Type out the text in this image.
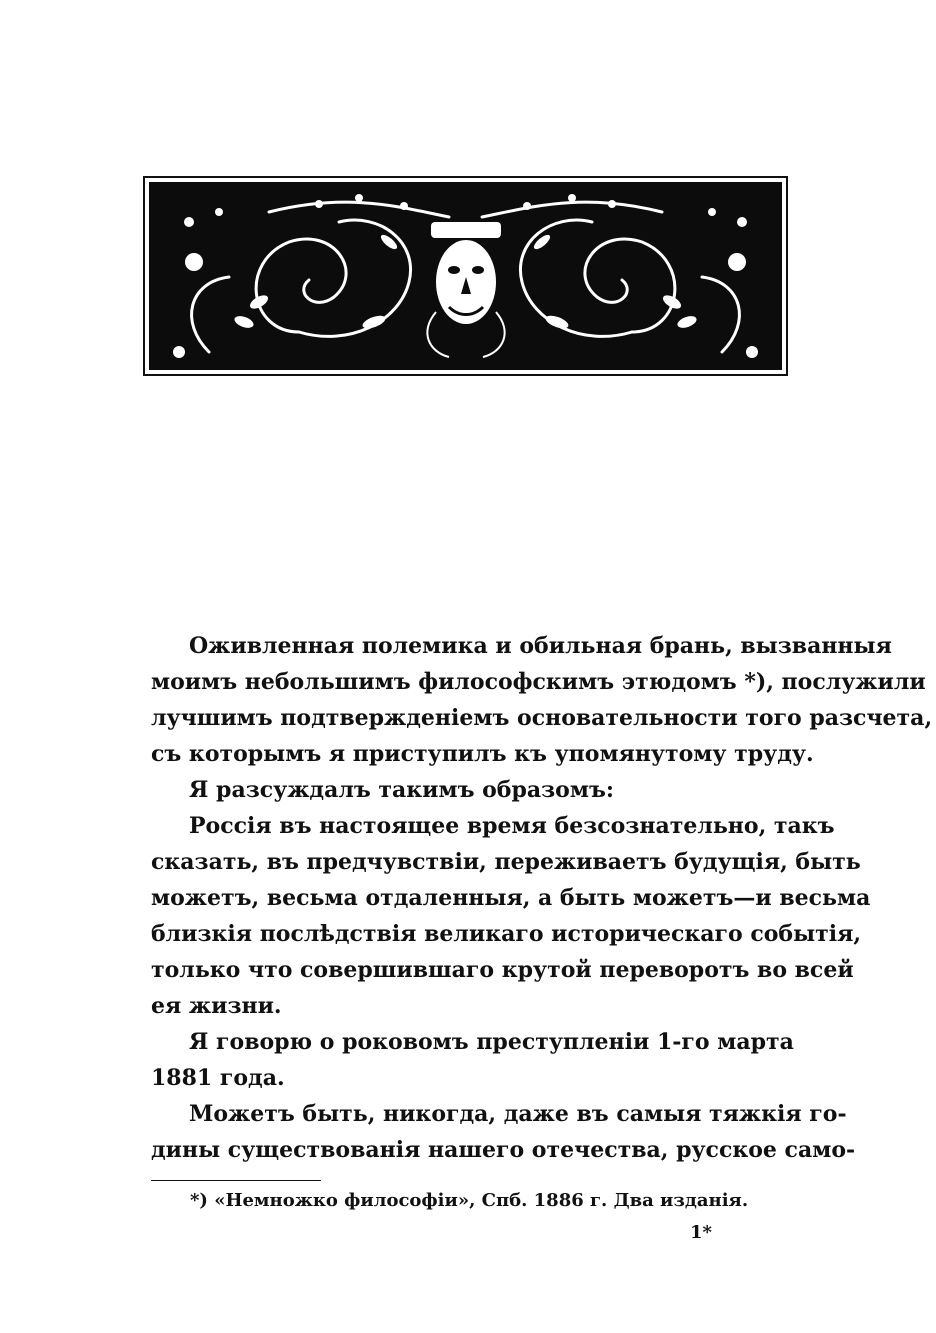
Оживленная полемика и обильная брань, вызванныя
моимъ небольшимъ философскимъ этюдомъ *), послужили
лучшимъ подтвержденіемъ основательности того разсчета,
съ которымъ я приступилъ къ упомянутому труду.
Я разсуждалъ такимъ образомъ:
Россія въ настоящее время безсознательно, такъ
сказать, въ предчувствіи, переживаетъ будущія, быть
можетъ, весьма отдаленныя, а быть можетъ—и весьма
близкія послѣдствія великаго историческаго событія,
только что совершившаго крутой переворотъ во всей
ея жизни.
Я говорю о роковомъ преступленіи 1-го марта
1881 года.
Можетъ быть, никогда, даже въ самыя тяжкія го-
дины существованія нашего отечества, русское само-
*) «Немножко философіи», Спб. 1886 г. Два изданія.
1*
